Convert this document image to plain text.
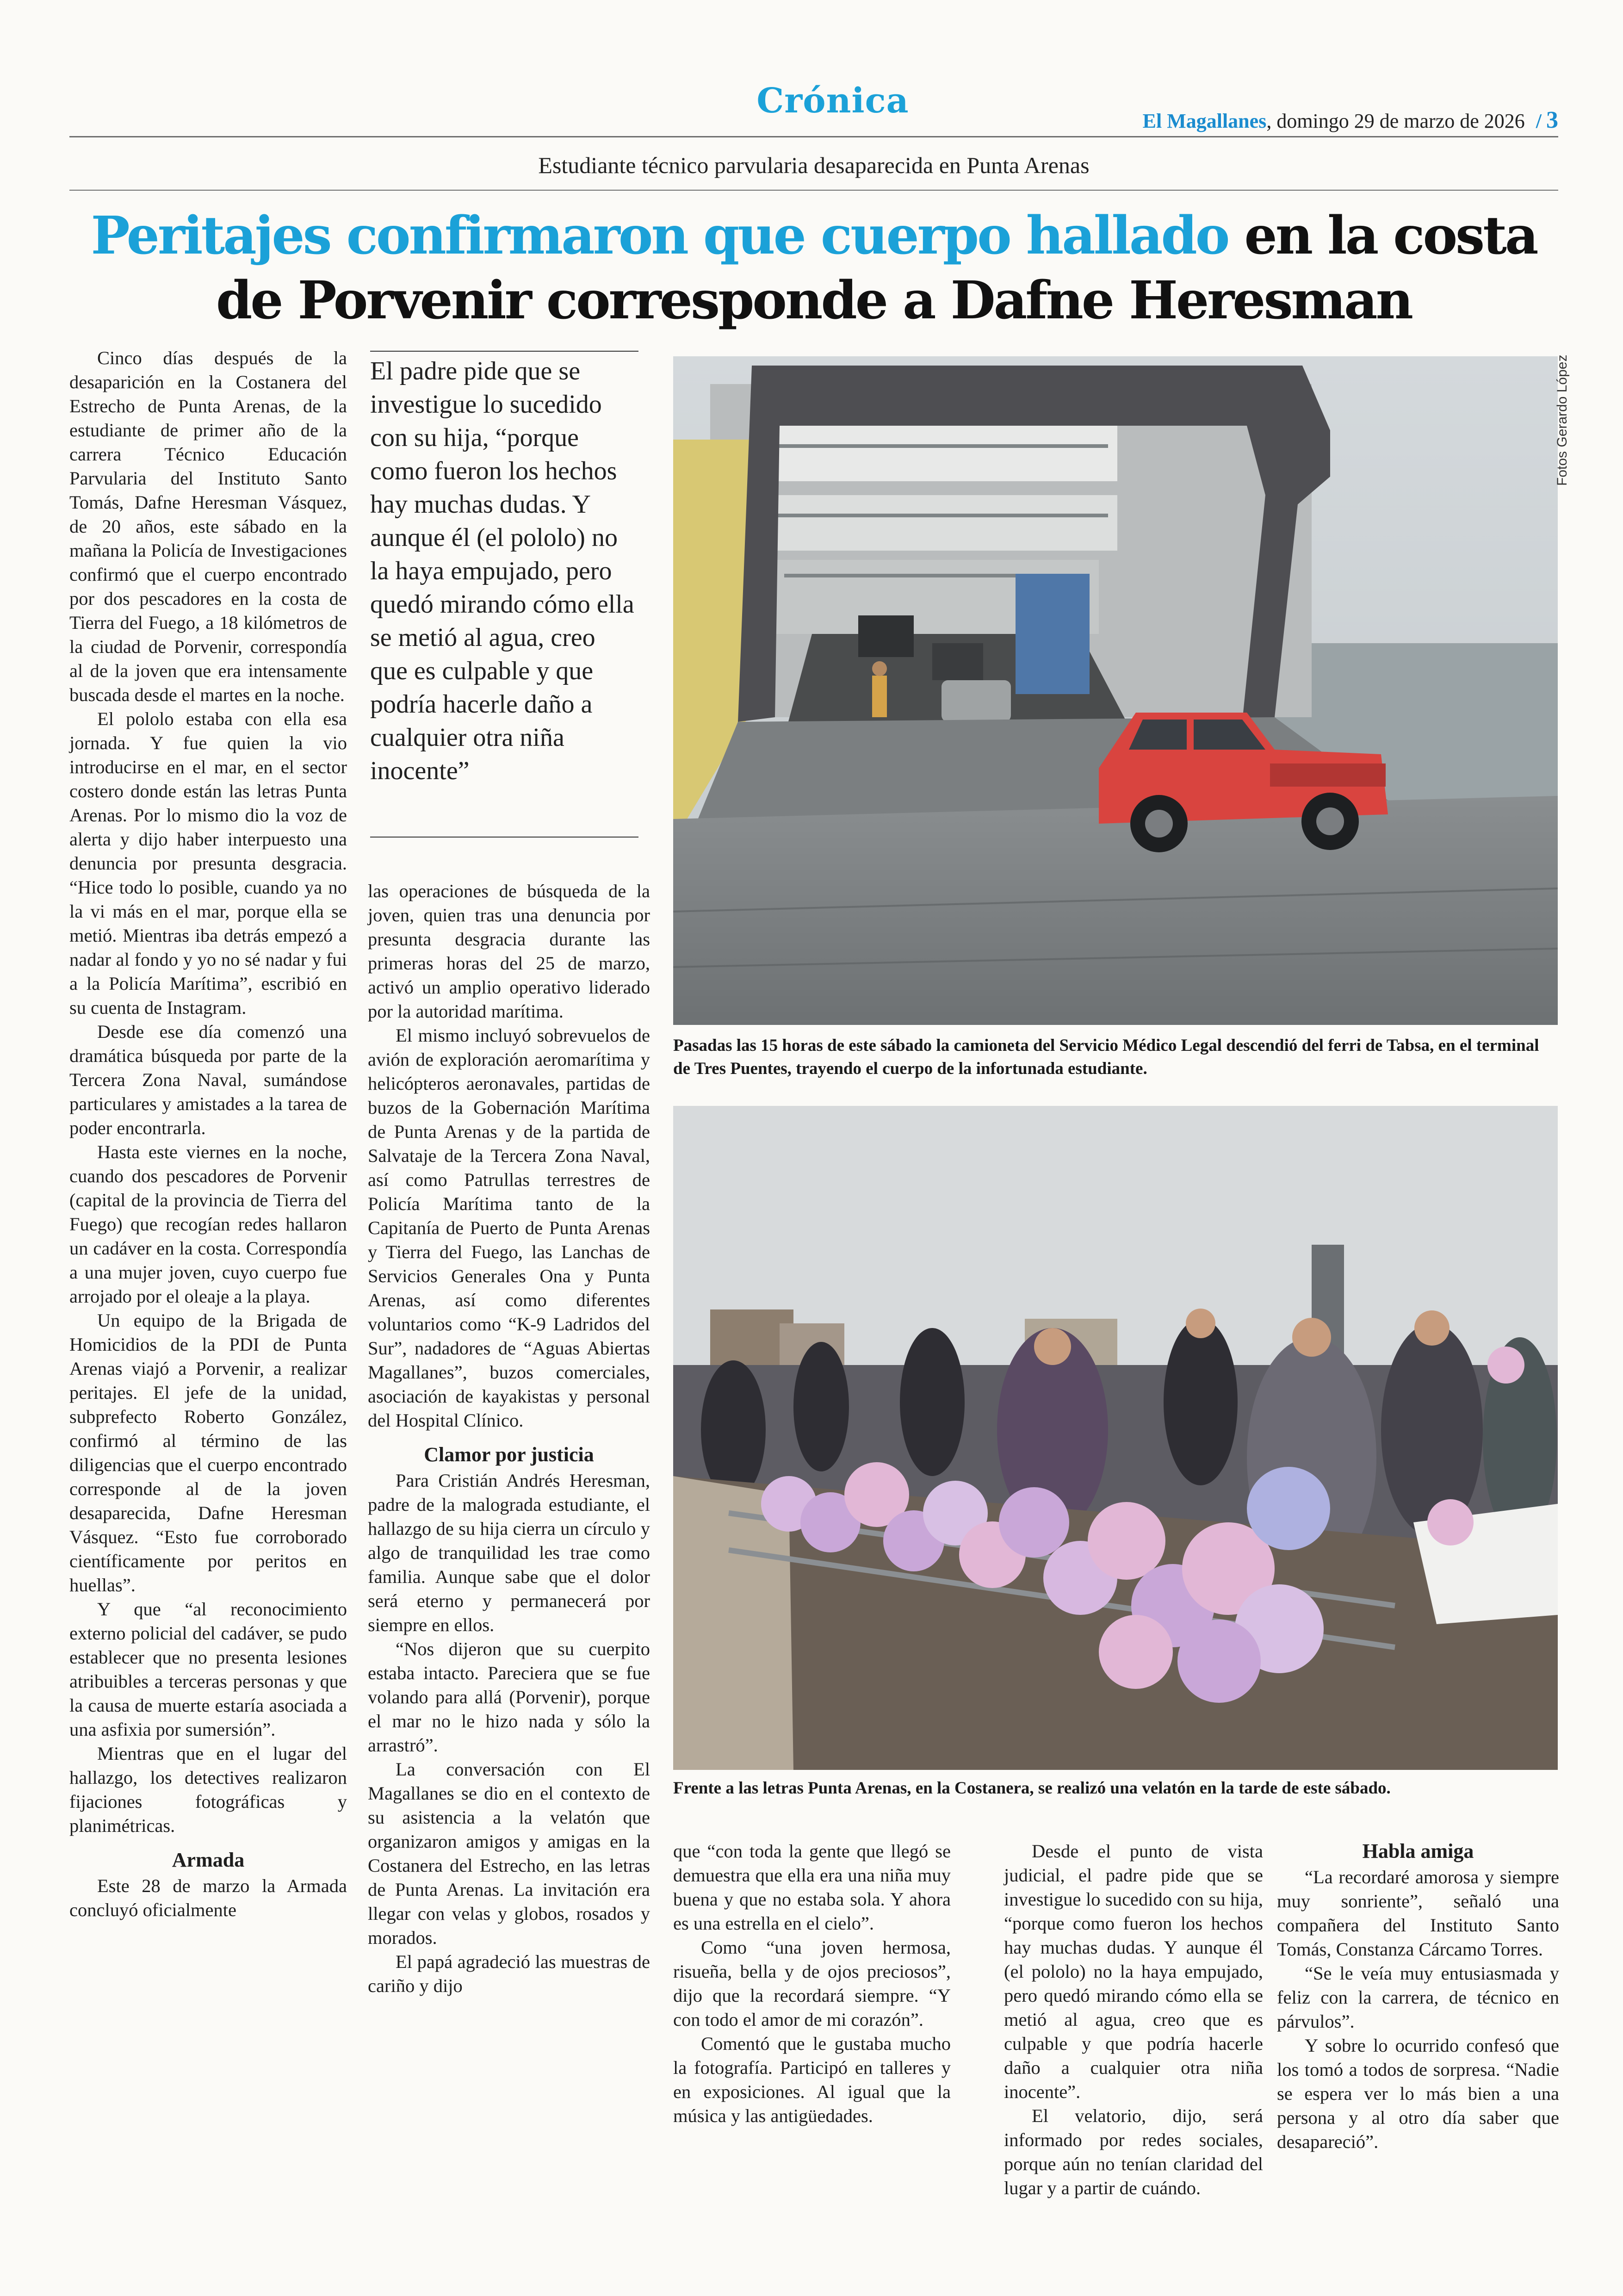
Crónica
El Magallanes, domingo 29 de marzo de 2026 / 3
Estudiante técnico parvularia desaparecida en Punta Arenas
Peritajes confirmaron que cuerpo hallado en la costa
de Porvenir corresponde a Dafne Heresman

Cinco días después de la desaparición en la Costanera del Estrecho de Punta Arenas, de la estudiante de primer año de la carrera Técnico Educación Parvularia del Instituto Santo Tomás, Dafne Heresman Vásquez, de 20 años, este sábado en la mañana la Policía de Investigaciones confirmó que el cuerpo encontrado por dos pescadores en la costa de Tierra del Fuego, a 18 kilómetros de la ciudad de Porvenir, correspondía al de la joven que era intensamente buscada desde el martes en la noche.

El pololo estaba con ella esa jornada. Y fue quien la vio introducirse en el mar, en el sector costero donde están las letras Punta Arenas. Por lo mismo dio la voz de alerta y dijo haber interpuesto una denuncia por presunta desgracia. “Hice todo lo posible, cuando ya no la vi más en el mar, porque ella se metió. Mientras iba detrás empezó a nadar al fondo y yo no sé nadar y fui a la Policía Marítima”, escribió en su cuenta de Instagram.

Desde ese día comenzó una dramática búsqueda por parte de la Tercera Zona Naval, sumándose particulares y amistades a la tarea de poder encontrarla.

Hasta este viernes en la noche, cuando dos pescadores de Porvenir (capital de la provincia de Tierra del Fuego) que recogían redes hallaron un cadáver en la costa. Correspondía a una mujer joven, cuyo cuerpo fue arrojado por el oleaje a la playa.

Un equipo de la Brigada de Homicidios de la PDI de Punta Arenas viajó a Porvenir, a realizar peritajes. El jefe de la unidad, subprefecto Roberto González, confirmó al término de las diligencias que el cuerpo encontrado corresponde al de la joven desaparecida, Dafne Heresman Vásquez. “Esto fue corroborado científicamente por peritos en huellas”.

Y que “al reconocimiento externo policial del cadáver, se pudo establecer que no presenta lesiones atribuibles a terceras personas y que la causa de muerte estaría asociada a una asfixia por sumersión”.

Mientras que en el lugar del hallazgo, los detectives realizaron fijaciones fotográficas y planimétricas.

Armada

Este 28 de marzo la Armada concluyó oficialmente

El padre pide que se investigue lo sucedido con su hija, “porque como fueron los hechos hay muchas dudas. Y aunque él (el pololo) no la haya empujado, pero quedó mirando cómo ella se metió al agua, creo que es culpable y que podría hacerle daño a cualquier otra niña inocente”

las operaciones de búsqueda de la joven, quien tras una denuncia por presunta desgracia durante las primeras horas del 25 de marzo, activó un amplio operativo liderado por la autoridad marítima.

El mismo incluyó sobrevuelos de avión de exploración aeromarítima y helicópteros aeronavales, partidas de buzos de la Gobernación Marítima de Punta Arenas y de la partida de Salvataje de la Tercera Zona Naval, así como Patrullas terrestres de Policía Marítima tanto de la Capitanía de Puerto de Punta Arenas y Tierra del Fuego, las Lanchas de Servicios Generales Ona y Punta Arenas, así como diferentes voluntarios como “K-9 Ladridos del Sur”, nadadores de “Aguas Abiertas Magallanes”, buzos comerciales, asociación de kayakistas y personal del Hospital Clínico.

Clamor por justicia

Para Cristián Andrés Heresman, padre de la malograda estudiante, el hallazgo de su hija cierra un círculo y algo de tranquilidad les trae como familia. Aunque sabe que el dolor será eterno y permanecerá por siempre en ellos.

“Nos dijeron que su cuerpito estaba intacto. Pareciera que se fue volando para allá (Porvenir), porque el mar no le hizo nada y sólo la arrastró”.

La conversación con El Magallanes se dio en el contexto de su asistencia a la velatón que organizaron amigos y amigas en la Costanera del Estrecho, en las letras de Punta Arenas. La invitación era llegar con velas y globos, rosados y morados.

El papá agradeció las muestras de cariño y dijo

Fotos Gerardo López
Pasadas las 15 horas de este sábado la camioneta del Servicio Médico Legal descendió del ferri de Tabsa, en el terminal de Tres Puentes, trayendo el cuerpo de la infortunada estudiante.
Frente a las letras Punta Arenas, en la Costanera, se realizó una velatón en la tarde de este sábado.

que “con toda la gente que llegó se demuestra que ella era una niña muy buena y que no estaba sola. Y ahora es una estrella en el cielo”.

Como “una joven hermosa, risueña, bella y de ojos preciosos”, dijo que la recordará siempre. “Y con todo el amor de mi corazón”.

Comentó que le gustaba mucho la fotografía. Participó en talleres y en exposiciones. Al igual que la música y las antigüedades.

Desde el punto de vista judicial, el padre pide que se investigue lo sucedido con su hija, “porque como fueron los hechos hay muchas dudas. Y aunque él (el pololo) no la haya empujado, pero quedó mirando cómo ella se metió al agua, creo que es culpable y que podría hacerle daño a cualquier otra niña inocente”.

El velatorio, dijo, será informado por redes sociales, porque aún no tenían claridad del lugar y a partir de cuándo.

Habla amiga

“La recordaré amorosa y siempre muy sonriente”, señaló una compañera del Instituto Santo Tomás, Constanza Cárcamo Torres.

“Se le veía muy entusiasmada y feliz con la carrera, de técnico en párvulos”.

Y sobre lo ocurrido confesó que los tomó a todos de sorpresa. “Nadie se espera ver lo más bien a una persona y al otro día saber que desapareció”.
